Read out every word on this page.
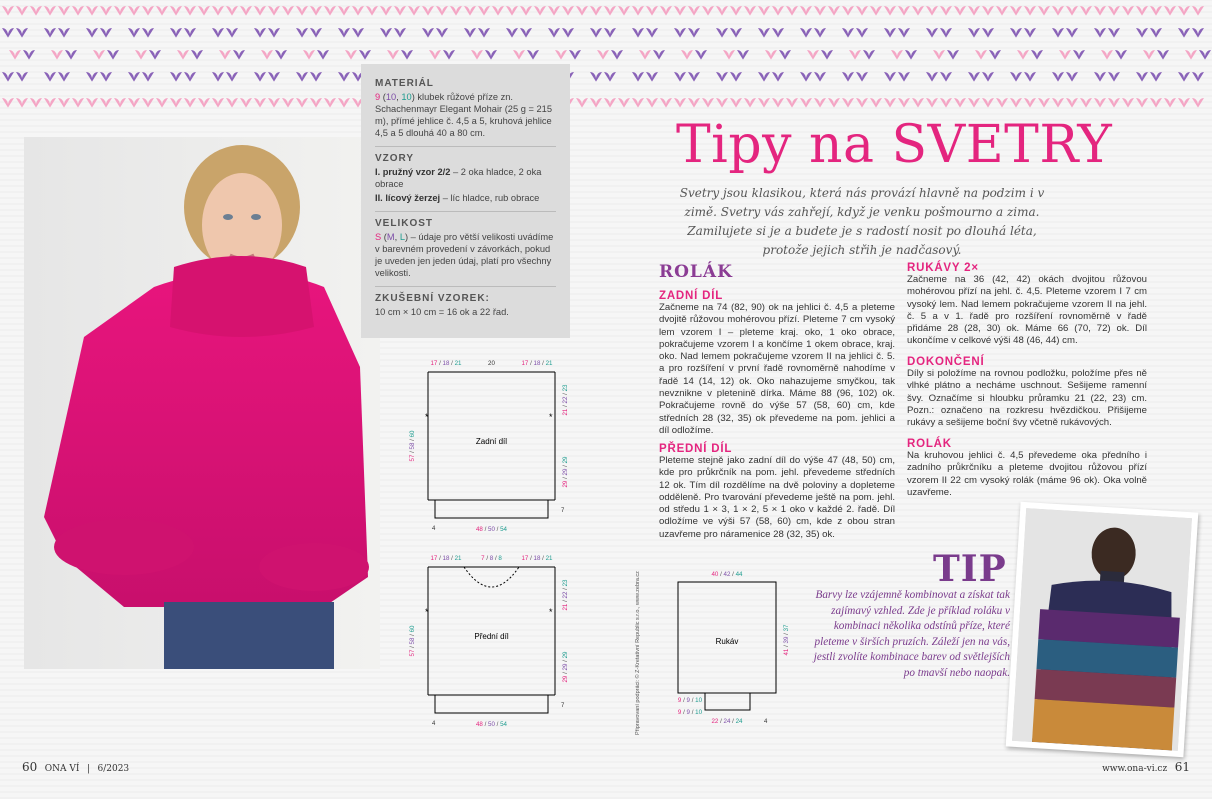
MATERIÁL
9 (10, 10) klubek růžové příze zn. Schachenmayr Elegant Mohair (25 g = 215 m), přímé jehlice č. 4,5 a 5, kruhová jehlice 4,5 a 5 dlouhá 40 a 80 cm.
VZORY
I. pružný vzor 2/2 – 2 oka hladce, 2 oka obrace
II. lícový žerzej – líc hladce, rub obrace
VELIKOST
S (M, L) – údaje pro větší velikosti uvádíme v barevném provedení v závorkách, pokud je uveden jen jeden údaj, platí pro všechny velikosti.
ZKUŠEBNÍ VZOREK:
10 cm × 10 cm = 16 ok a 22 řad.
20
17 / 18 / 21	17 / 18 / 21
48 / 50 / 54
57 / 58 / 60
21 / 22 / 23
29 / 29 / 29
*	*
4
7
Zadní díl
7 / 8 / 8
17 / 18 / 21	17 / 18 / 21
48 / 50 / 54
57 / 58 / 60
21 / 22 / 23
29 / 29 / 29
*	*
4
7
Přední díl
40 / 42 / 44
22 / 24 / 24
41 / 39 / 37
9 / 9 / 10
9 / 9 / 10
4
Rukáv
Připravovaní podpráci: © Z-Kretativní Republic s.r.o., www.zebra.cz
Tipy na SVETRY
Svetry jsou klasikou, která nás provází hlavně na podzim i v zimě. Svetry vás zahřejí, když je venku pošmourno a zima. Zamilujete si je a budete je s radostí nosit po dlouhá léta, protože jejich střih je nadčasový.
ROLÁK

ZADNÍ DÍL

Začneme na 74 (82, 90) ok na jehlici č. 4,5 a pleteme dvojitě růžovou mohérovou přízí. Pleteme 7 cm vysoký lem vzorem I – pleteme kraj. oko, 1 oko obrace, pokračujeme vzorem I a končíme 1 okem obrace, kraj. oko. Nad lemem pokračujeme vzorem II na jehlici č. 5. a pro rozšíření v první řadě rovnoměrně nahodíme v řadě 14 (14, 12) ok. Oko nahazujeme smyčkou, tak nevznikne v pletenině dírka. Máme 88 (96, 102) ok. Pokračujeme rovně do výše 57 (58, 60) cm, kde středních 28 (32, 35) ok převedeme na pom. jehlici a díl odložíme.

PŘEDNÍ DÍL

Pleteme stejně jako zadní díl do výše 47 (48, 50) cm, kde pro průkrčník na pom. jehl. převedeme středních 12 ok. Tím díl rozdělíme na dvě poloviny a dopleteme odděleně. Pro tvarování převedeme ještě na pom. jehl. od středu 1 × 3, 1 × 2, 5 × 1 oko v každé 2. řadě. Díl odložíme ve výši 57 (58, 60) cm, kde z obou stran uzavřeme pro náramenice 28 (32, 35) ok.

RUKÁVY 2×

Začneme na 36 (42, 42) okách dvojitou růžovou mohérovou přízí na jehl. č. 4,5. Pleteme vzorem I 7 cm vysoký lem. Nad lemem pokračujeme vzorem II na jehl. č. 5 a v 1. řadě pro rozšíření rovnoměrně v řadě přidáme 28 (28, 30) ok. Máme 66 (70, 72) ok. Díl ukončíme v celkové výši 48 (46, 44) cm.

DOKONČENÍ

Díly si položíme na rovnou podložku, položíme přes ně vlhké plátno a necháme uschnout. Sešijeme ramenní švy. Označíme si hloubku průramku 21 (22, 23) cm. Pozn.: označeno na rozkresu hvězdičkou. Přišijeme rukávy a sešijeme boční švy včetně rukávových.

ROLÁK

Na kruhovou jehlici č. 4,5 převedeme oka předního i zadního průkrčníku a pleteme dvojitou růžovou přízí vzorem II 22 cm vysoký rolák (máme 96 ok). Oka volně uzavřeme.

TIP
Barvy lze vzájemně kombinovat a získat tak zajímavý vzhled. Zde je příklad roláku v kombinaci několika odstínů příze, které pleteme v širších pruzích. Záleží jen na vás, jestli zvolíte kombinace barev od světlejších po tmavší nebo naopak.
60 ONA VÍ | 6/2023	www.ona-vi.cz 61
